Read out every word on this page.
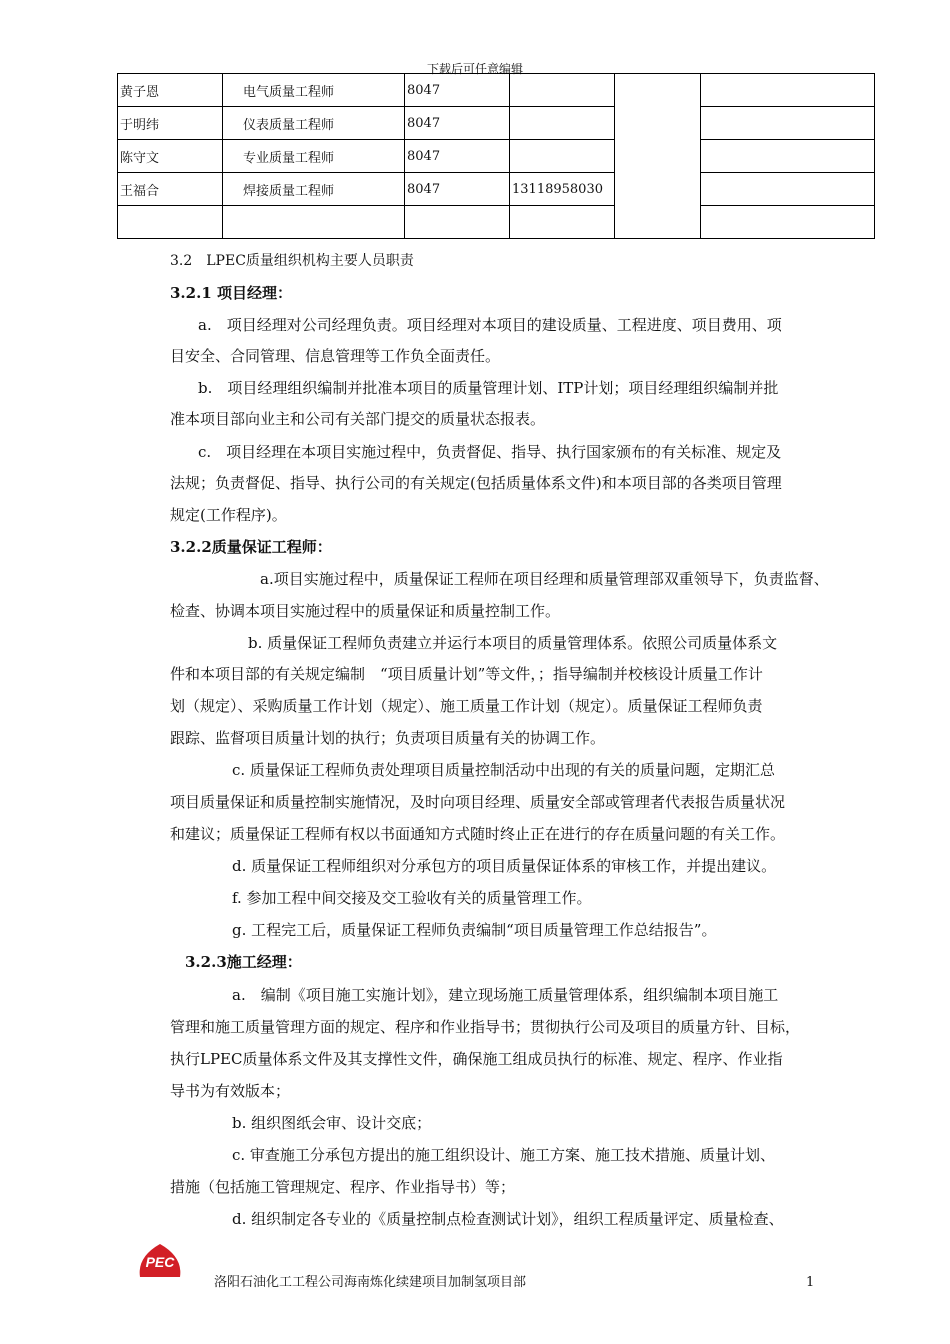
下载后可任意编辑
黄子恩	电气质量工程师	8047			
于明纬	仪表质量工程师	8047			
陈守文	专业质量工程师	8047			
王福合	焊接质量工程师	8047	13118958030		

3.2　LPEC质量组织机构主要人员职责
3.2.1 项目经理：
a.　项目经理对公司经理负责。项目经理对本项目的建设质量、工程进度、项目费用、项
目安全、合同管理、信息管理等工作负全面责任。
b.　项目经理组织编制并批准本项目的质量管理计划、ITP计划；项目经理组织编制并批
准本项目部向业主和公司有关部门提交的质量状态报表。
c.　项目经理在本项目实施过程中，负责督促、指导、执行国家颁布的有关标准、规定及
法规；负责督促、指导、执行公司的有关规定(包括质量体系文件)和本项目部的各类项目管理
规定(工作程序)。
3.2.2质量保证工程师：
a.项目实施过程中，质量保证工程师在项目经理和质量管理部双重领导下，负责监督、
检查、协调本项目实施过程中的质量保证和质量控制工作。
b. 质量保证工程师负责建立并运行本项目的质量管理体系。依照公司质量体系文
件和本项目部的有关规定编制　“项目质量计划”等文件，；指导编制并校核设计质量工作计
划（规定）、采购质量工作计划（规定）、施工质量工作计划（规定）。质量保证工程师负责
跟踪、监督项目质量计划的执行；负责项目质量有关的协调工作。
c. 质量保证工程师负责处理项目质量控制活动中出现的有关的质量问题，定期汇总
项目质量保证和质量控制实施情况，及时向项目经理、质量安全部或管理者代表报告质量状况
和建议；质量保证工程师有权以书面通知方式随时终止正在进行的存在质量问题的有关工作。
d. 质量保证工程师组织对分承包方的项目质量保证体系的审核工作，并提出建议。
f. 参加工程中间交接及交工验收有关的质量管理工作。
g. 工程完工后，质量保证工程师负责编制“项目质量管理工作总结报告”。
3.2.3施工经理：
a.　编制《项目施工实施计划》，建立现场施工质量管理体系，组织编制本项目施工
管理和施工质量管理方面的规定、程序和作业指导书；贯彻执行公司及项目的质量方针、目标，
执行LPEC质量体系文件及其支撑性文件，确保施工组成员执行的标准、规定、程序、作业指
导书为有效版本；
b. 组织图纸会审、设计交底；
c. 审查施工分承包方提出的施工组织设计、施工方案、施工技术措施、质量计划、
措施（包括施工管理规定、程序、作业指导书）等；
d. 组织制定各专业的《质量控制点检查测试计划》，组织工程质量评定、质量检查、
PEC
洛阳石油化工工程公司海南炼化续建项目加制氢项目部	1
